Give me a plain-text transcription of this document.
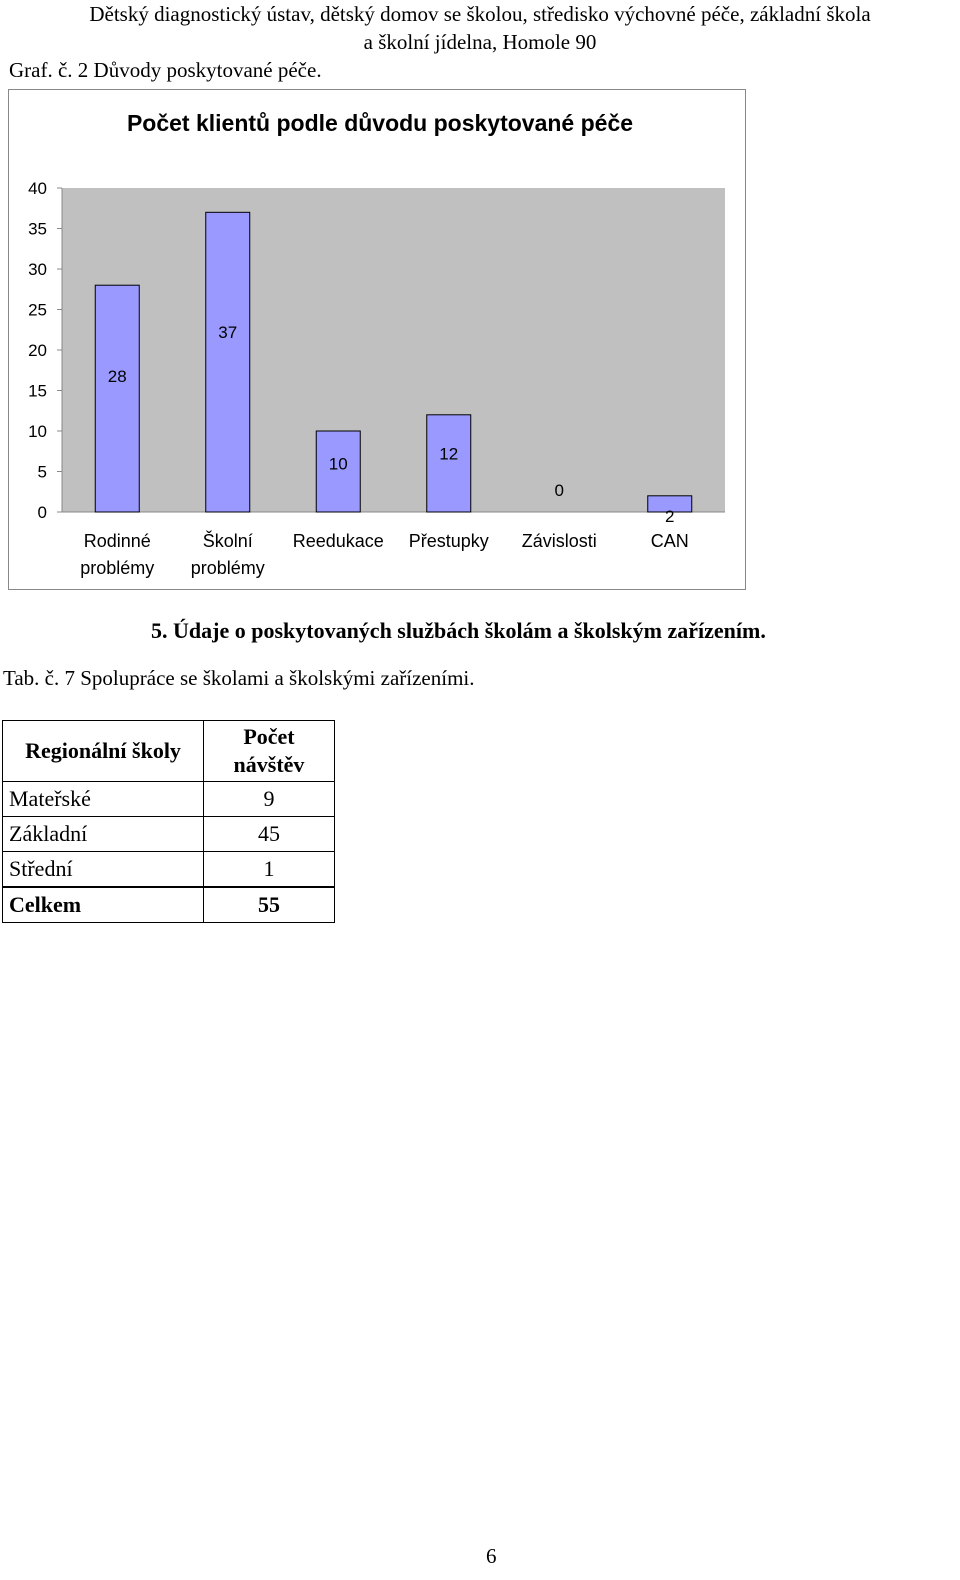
Dětský diagnostický ústav, dětský domov se školou, středisko výchovné péče, základní škola
a školní jídelna, Homole 90
Graf. č. 2 Důvody poskytované péče.
Počet klientů podle důvodu poskytované péče
0
5
10
15
20
25
30
35
40
28
Rodinné
problémy
37
Školní
problémy
10
Reedukace
12
Přestupky
0
Závislosti
2
CAN
5. Údaje o poskytovaných službách školám a školským zařízením.
Tab. č. 7 Spolupráce se školami a školskými zařízeními.
Regionální školy	Počet
návštěv
Mateřské	9
Základní	45
Střední	1
Celkem	55
6
